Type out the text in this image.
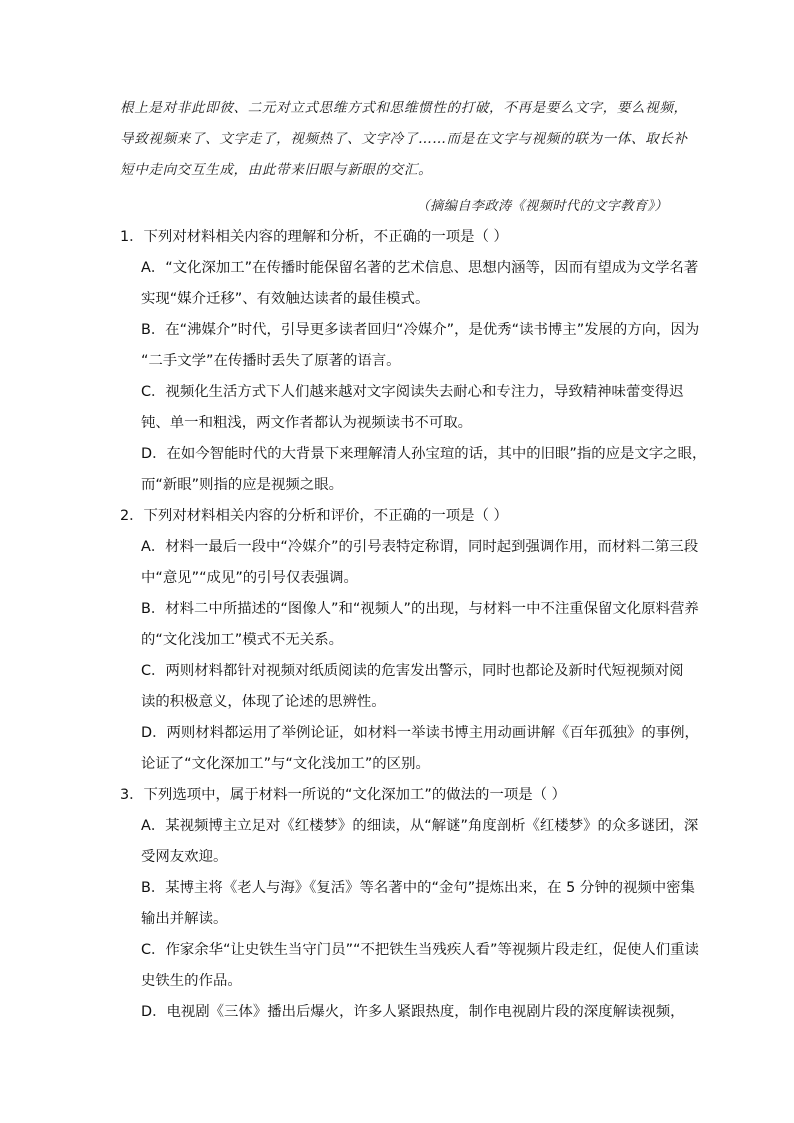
根上是对非此即彼、二元对立式思维方式和思维惯性的打破，不再是要么文字，要么视频，
导致视频来了、文字走了，视频热了、文字冷了……而是在文字与视频的联为一体、取长补
短中走向交互生成，由此带来旧眼与新眼的交汇。
（摘编自李政涛《视频时代的文字教育》）
1．下列对材料相关内容的理解和分析，不正确的一项是（ ）
A．“文化深加工”在传播时能保留名著的艺术信息、思想内涵等，因而有望成为文学名著
实现“媒介迁移”、有效触达读者的最佳模式。
B．在“沸媒介”时代，引导更多读者回归“冷媒介”，是优秀“读书博主”发展的方向，因为
“二手文学”在传播时丢失了原著的语言。
C．视频化生活方式下人们越来越对文字阅读失去耐心和专注力，导致精神味蕾变得迟
钝、单一和粗浅，两文作者都认为视频读书不可取。
D．在如今智能时代的大背景下来理解清人孙宝瑄的话，其中的旧眼”指的应是文字之眼，
而“新眼”则指的应是视频之眼。
2．下列对材料相关内容的分析和评价，不正确的一项是（ ）
A．材料一最后一段中“冷媒介”的引号表特定称谓，同时起到强调作用，而材料二第三段
中“意见”“成见”的引号仅表强调。
B．材料二中所描述的“图像人”和“视频人”的出现，与材料一中不注重保留文化原料营养
的“文化浅加工”模式不无关系。
C．两则材料都针对视频对纸质阅读的危害发出警示，同时也都论及新时代短视频对阅
读的积极意义，体现了论述的思辨性。
D．两则材料都运用了举例论证，如材料一举读书博主用动画讲解《百年孤独》的事例，
论证了“文化深加工”与“文化浅加工”的区别。
3．下列选项中，属于材料一所说的“文化深加工”的做法的一项是（ ）
A．某视频博主立足对《红楼梦》的细读，从“解谜”角度剖析《红楼梦》的众多谜团，深
受网友欢迎。
B．某博主将《老人与海》《复活》等名著中的“金句”提炼出来，在 5 分钟的视频中密集
输出并解读。
C．作家余华“让史铁生当守门员”“不把铁生当残疾人看”等视频片段走红，促使人们重读
史铁生的作品。
D．电视剧《三体》播出后爆火，许多人紧跟热度，制作电视剧片段的深度解读视频，
